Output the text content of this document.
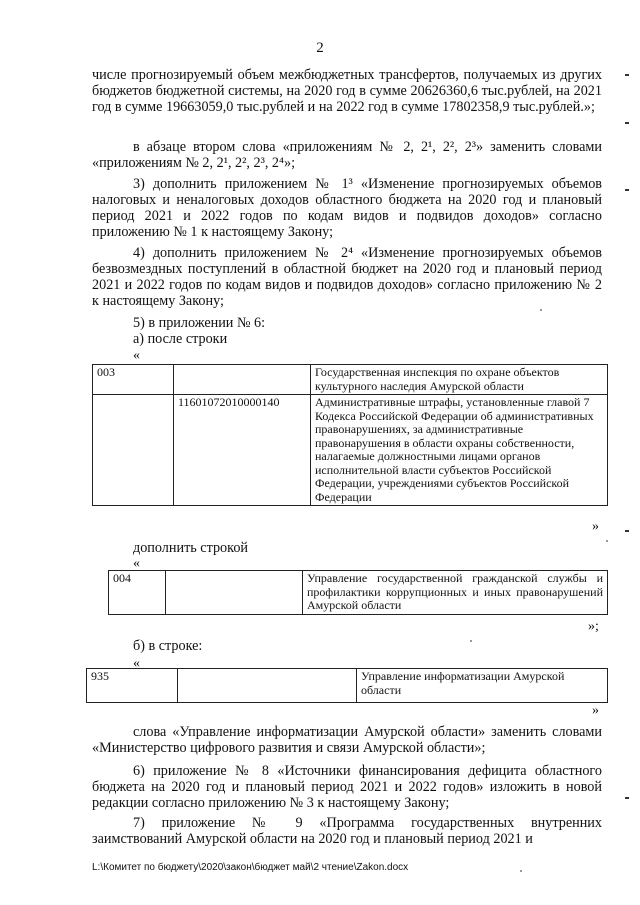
2
числе прогнозируемый объем межбюджетных трансфертов, получаемых из других бюджетов бюджетной системы, на 2020 год в сумме 20626360,6 тыс.рублей, на 2021 год в сумме 19663059,0 тыс.рублей и на 2022 год в сумме 17802358,9 тыс.рублей.»;
в абзаце втором слова «приложениям № 2, 2¹, 2², 2³» заменить словами «приложениям № 2, 2¹, 2², 2³, 2⁴»;
3) дополнить приложением № 1³ «Изменение прогнозируемых объемов налоговых и неналоговых доходов областного бюджета на 2020 год и плановый период 2021 и 2022 годов по кодам видов и подвидов доходов» согласно приложению № 1 к настоящему Закону;
4) дополнить приложением № 2⁴ «Изменение прогнозируемых объемов безвозмездных поступлений в областной бюджет на 2020 год и плановый период 2021 и 2022 годов по кодам видов и подвидов доходов» согласно приложению № 2 к настоящему Закону;
5) в приложении № 6:
а) после строки
«
003		Государственная инспекция по охране объектов культурного наследия Амурской области
	11601072010000140	Административные штрафы, установленные главой 7 Кодекса Российской Федерации об административных правонарушениях, за административные правонарушения в области охраны собственности, налагаемые должностными лицами органов исполнительной власти субъектов Российской Федерации, учреждениями субъектов Российской Федерации
»
дополнить строкой
«
004		Управление государственной гражданской службы и профилактики коррупционных и иных правонарушений Амурской области
»;
б) в строке:
«
935		Управление информатизации Амурской области
»
слова «Управление информатизации Амурской области» заменить словами «Министерство цифрового развития и связи Амурской области»;
6) приложение № 8 «Источники финансирования дефицита областного бюджета на 2020 год и плановый период 2021 и 2022 годов» изложить в новой редакции согласно приложению № 3 к настоящему Закону;
7) приложение № 9 «Программа государственных внутренних заимствований Амурской области на 2020 год и плановый период 2021 и
L:\Комитет по бюджету\2020\закон\бюджет май\2 чтение\Zakon.docx
